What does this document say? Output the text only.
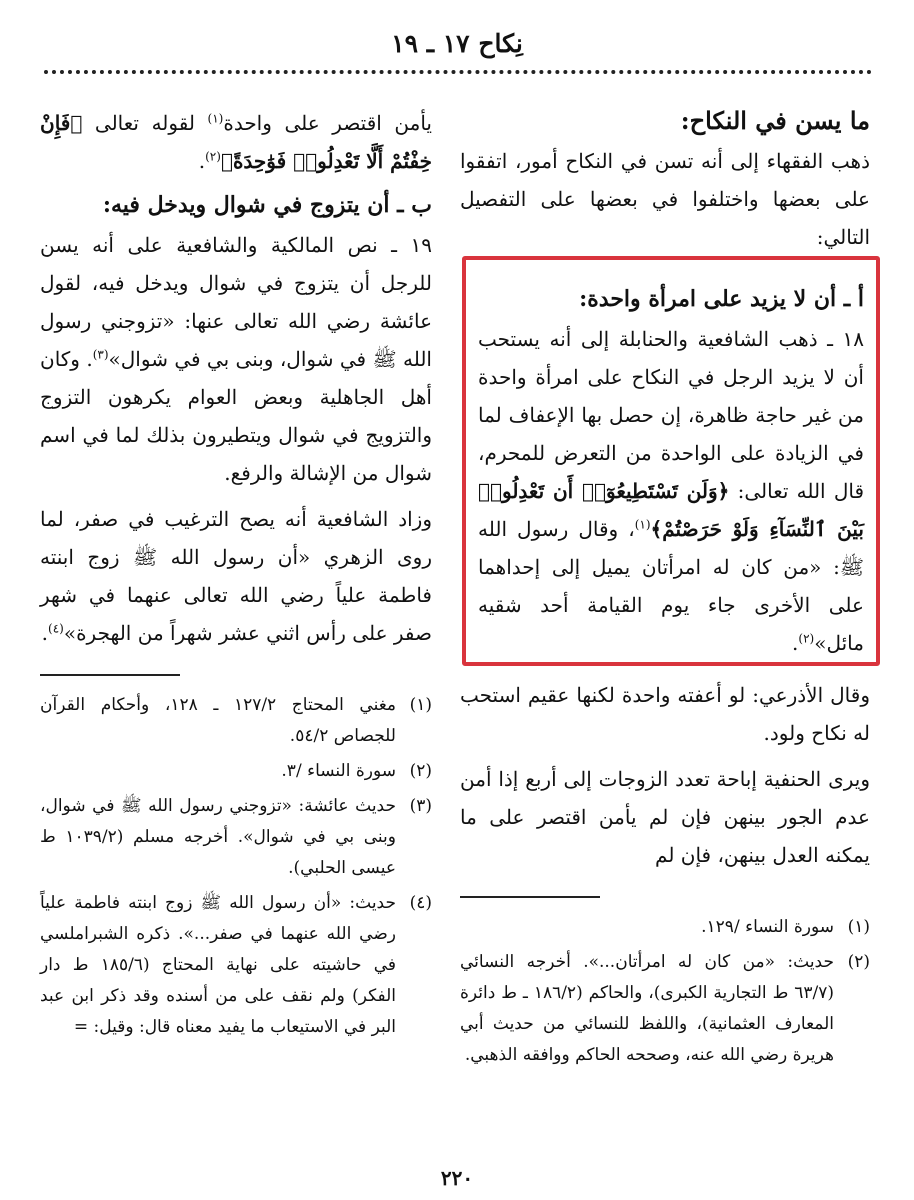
نِكاح ١٧ ـ ١٩
ما يسن في النكاح:

ذهب الفقهاء إلى أنه تسن في النكاح أمور، اتفقوا على بعضها واختلفوا في بعضها على التفصيل التالي:

أ ـ أن لا يزيد على امرأة واحدة:

١٨ ـ ذهب الشافعية والحنابلة إلى أنه يستحب أن لا يزيد الرجل في النكاح على امرأة واحدة من غير حاجة ظاهرة، إن حصل بها الإعفاف لما في الزيادة على الواحدة من التعرض للمحرم، قال الله تعالى: ﴿وَلَن تَسْتَطِيعُوٓا۟ أَن تَعْدِلُوا۟ بَيْنَ ٱلنِّسَآءِ وَلَوْ حَرَصْتُمْ﴾$^{(١)}$، وقال رسول الله ﷺ: «من كان له امرأتان يميل إلى إحداهما على الأخرى جاء يوم القيامة أحد شقيه مائل»$^{(٢)}$.

وقال الأذرعي: لو أعفته واحدة لكنها عقيم استحب له نكاح ولود.

ويرى الحنفية إباحة تعدد الزوجات إلى أربع إذا أمن عدم الجور بينهن فإن لم يأمن اقتصر على ما يمكنه العدل بينهن، فإن لم

(١)
سورة النساء /١٢٩.
(٢)
حديث: «من كان له امرأتان...». أخرجه النسائي (٦٣/٧ ط التجارية الكبرى)، والحاكم (١٨٦/٢ ـ ط دائرة المعارف العثمانية)، واللفظ للنسائي من حديث أبي هريرة رضي الله عنه، وصححه الحاكم ووافقه الذهبي.

يأمن اقتصر على واحدة$^{(١)}$ لقوله تعالى ﴿فَإِنْ خِفْتُمْ أَلَّا تَعْدِلُوا۟ فَوَٰحِدَةً﴾$^{(٢)}$.

ب ـ أن يتزوج في شوال ويدخل فيه:

١٩ ـ نص المالكية والشافعية على أنه يسن للرجل أن يتزوج في شوال ويدخل فيه، لقول عائشة رضي الله تعالى عنها: «تزوجني رسول الله ﷺ في شوال، وبنى بي في شوال»$^{(٣)}$. وكان أهل الجاهلية وبعض العوام يكرهون التزوج والتزويج في شوال ويتطيرون بذلك لما في اسم شوال من الإشالة والرفع.

وزاد الشافعية أنه يصح الترغيب في صفر، لما روى الزهري «أن رسول الله ﷺ زوج ابنته فاطمة علياً رضي الله تعالى عنهما في شهر صفر على رأس اثني عشر شهراً من الهجرة»$^{(٤)}$.

(١)
مغني المحتاج ١٢٧/٢ ـ ١٢٨، وأحكام القرآن للجصاص ٥٤/٢.
(٢)
سورة النساء /٣.
(٣)
حديث عائشة: «تزوجني رسول الله ﷺ في شوال، وبنى بي في شوال». أخرجه مسلم (١٠٣٩/٢ ط عيسى الحلبي).
(٤)
حديث: «أن رسول الله ﷺ زوج ابنته فاطمة علياً رضي الله عنهما في صفر...». ذكره الشبراملسي في حاشيته على نهاية المحتاج (١٨٥/٦ ط دار الفكر) ولم نقف على من أسنده وقد ذكر ابن عبد البر في الاستيعاب ما يفيد معناه قال: وقيل: =
٢٢٠
